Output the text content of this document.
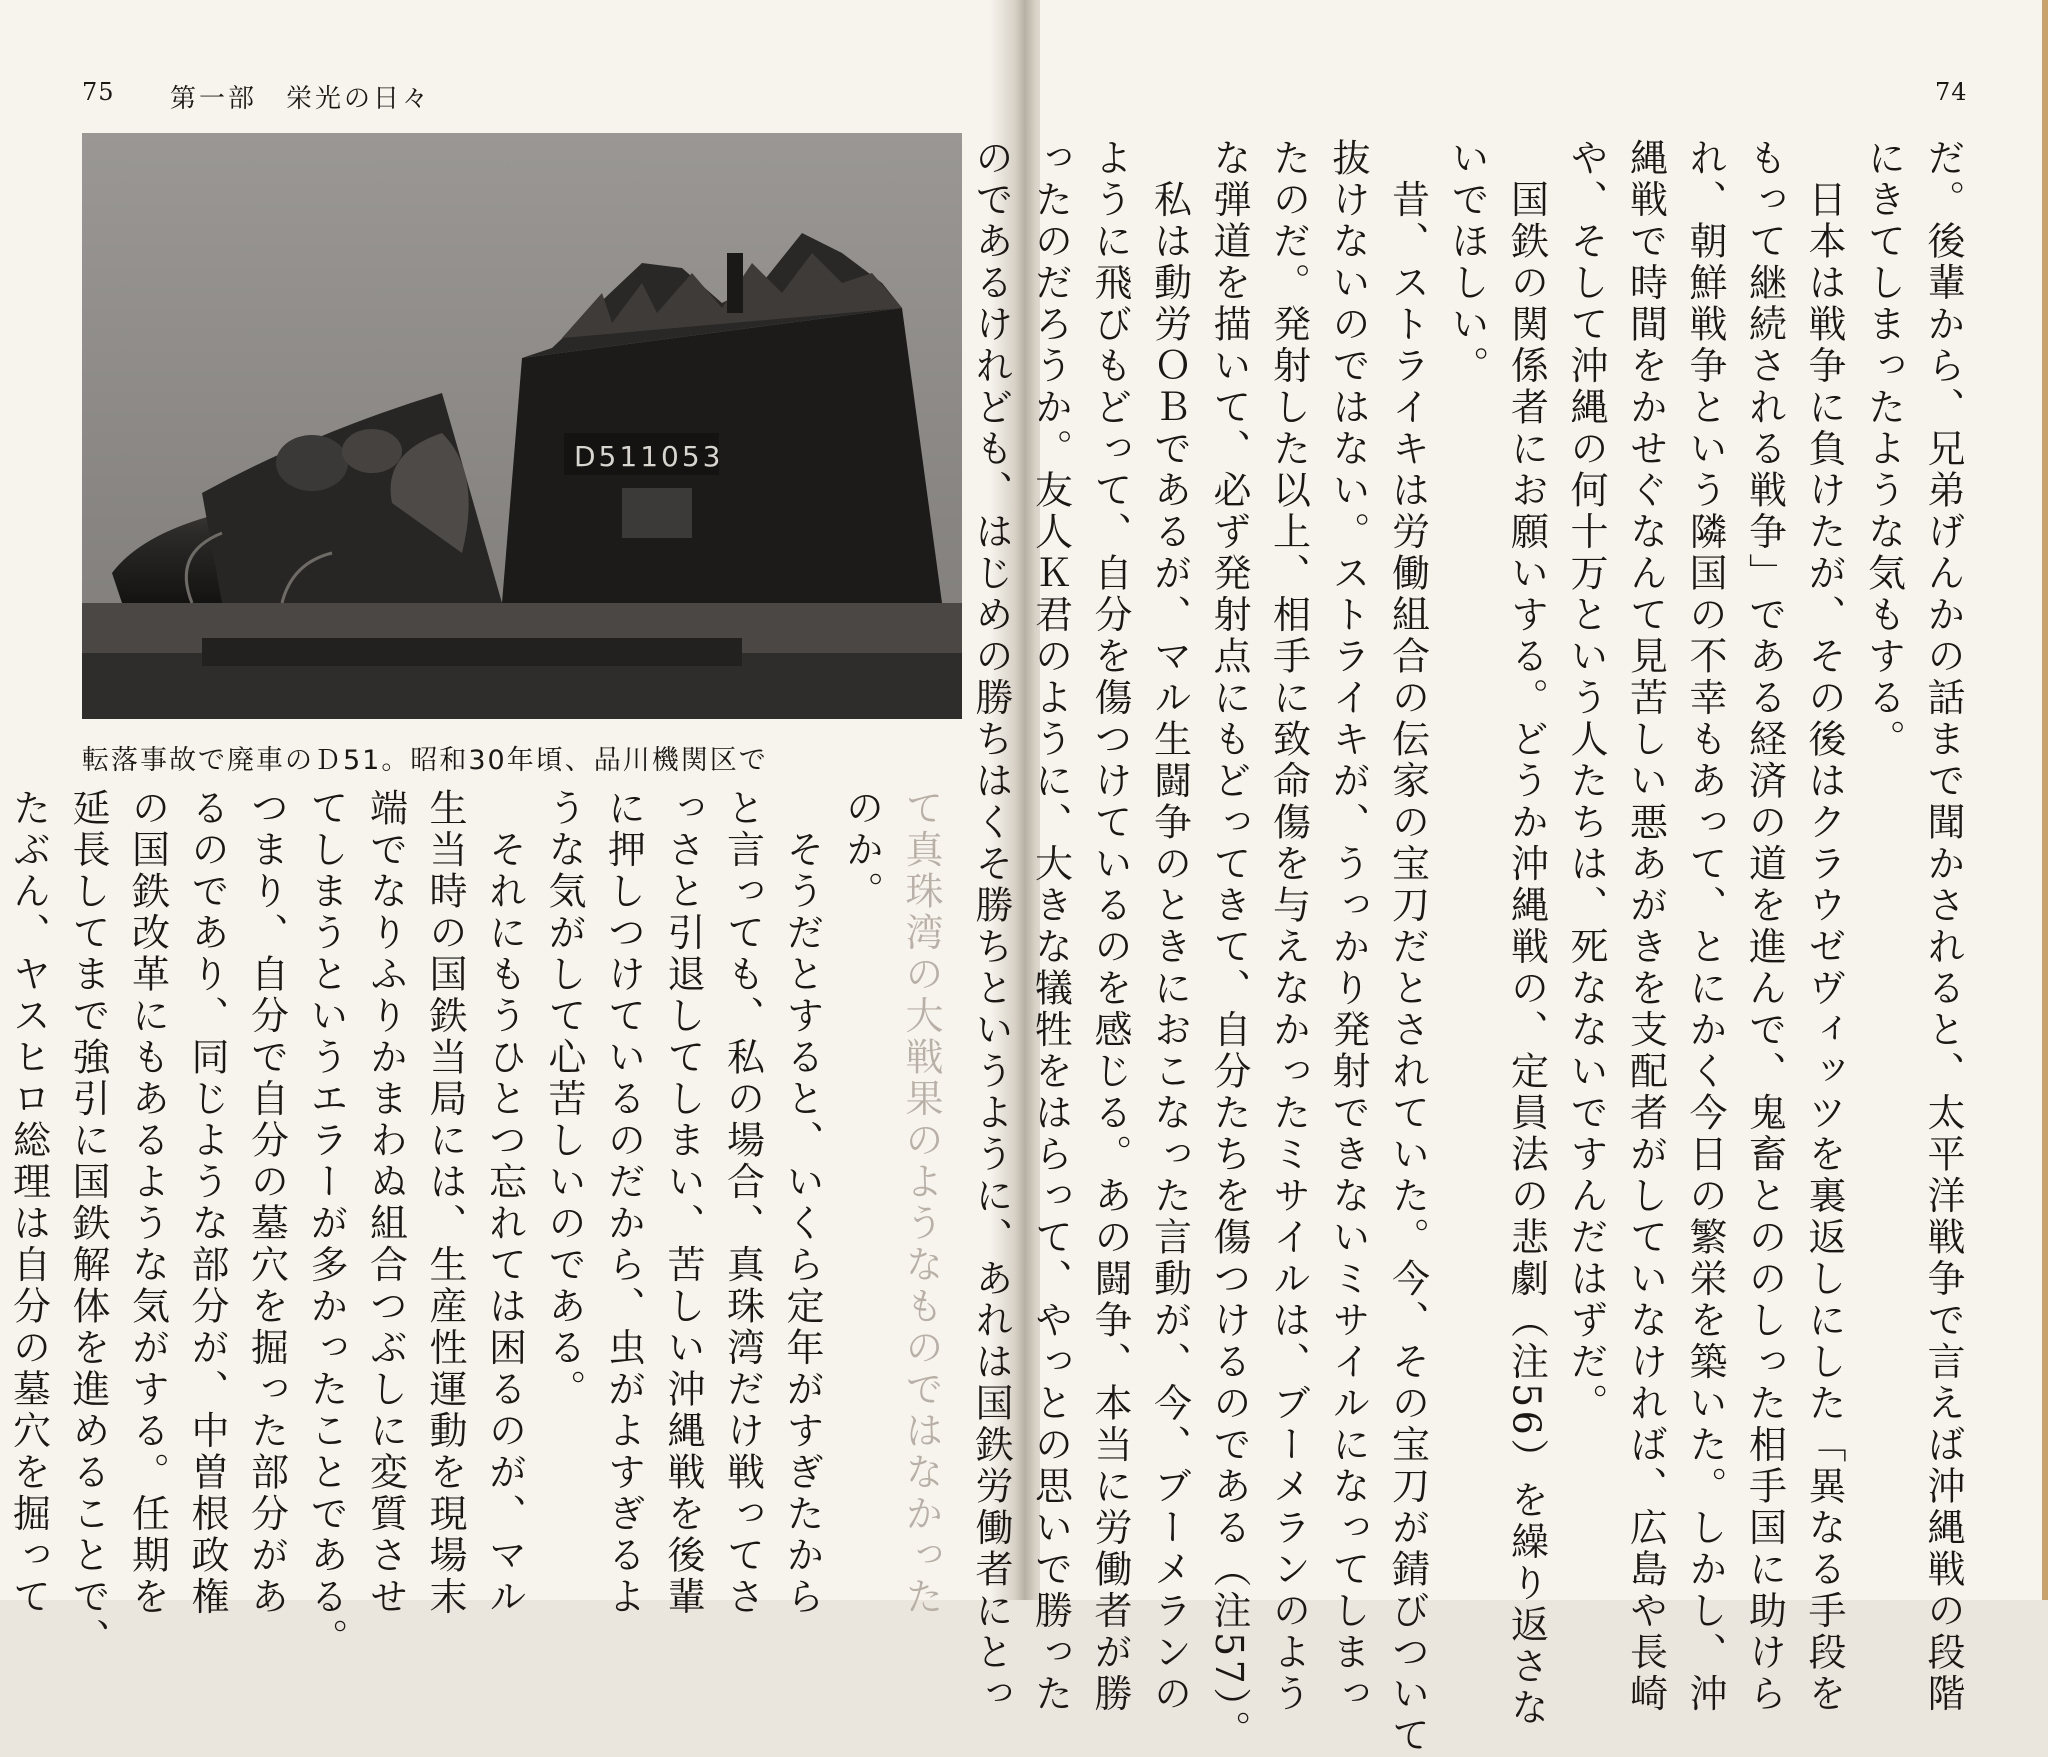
75 第一部　栄光の日々
D511053
転落事故で廃車のＤ51。昭和30年頃、品川機関区で
て真珠湾の大戦果のようなものではなかった
のか。
　そうだとすると、いくら定年がすぎたから
と言っても、私の場合、真珠湾だけ戦ってさ
っさと引退してしまい、苦しい沖縄戦を後輩
に押しつけているのだから、虫がよすぎるよ
うな気がして心苦しいのである。
　それにもうひとつ忘れては困るのが、マル
生当時の国鉄当局には、生産性運動を現場末
端でなりふりかまわぬ組合つぶしに変質させ
てしまうというエラーが多かったことである。
つまり、自分で自分の墓穴を掘った部分があ
るのであり、同じような部分が、中曽根政権
の国鉄改革にもあるような気がする。任期を
延長してまで強引に国鉄解体を進めることで、
たぶん、ヤスヒロ総理は自分の墓穴を掘って

74
だ。後輩から、兄弟げんかの話まで聞かされると、太平洋戦争で言えば沖縄戦の段階
にきてしまったような気もする。
　日本は戦争に負けたが、その後はクラウゼヴィッツを裏返しにした「異なる手段を
もって継続される戦争」である経済の道を進んで、鬼畜とののしった相手国に助けら
れ、朝鮮戦争という隣国の不幸もあって、とにかく今日の繁栄を築いた。しかし、沖
縄戦で時間をかせぐなんて見苦しい悪あがきを支配者がしていなければ、広島や長崎
や、そして沖縄の何十万という人たちは、死なないですんだはずだ。
　国鉄の関係者にお願いする。どうか沖縄戦の、定員法の悲劇（注56）を繰り返さな
いでほしい。
　昔、ストライキは労働組合の伝家の宝刀だとされていた。今、その宝刀が錆びついて
抜けないのではない。ストライキが、うっかり発射できないミサイルになってしまっ
たのだ。発射した以上、相手に致命傷を与えなかったミサイルは、ブーメランのよう
な弾道を描いて、必ず発射点にもどってきて、自分たちを傷つけるのである（注57）。
　私は動労ＯＢであるが、マル生闘争のときにおこなった言動が、今、ブーメランの
ように飛びもどって、自分を傷つけているのを感じる。あの闘争、本当に労働者が勝
ったのだろうか。友人Ｋ君のように、大きな犠牲をはらって、やっとの思いで勝った
のであるけれども、はじめの勝ちはくそ勝ちというように、あれは国鉄労働者にとっ
